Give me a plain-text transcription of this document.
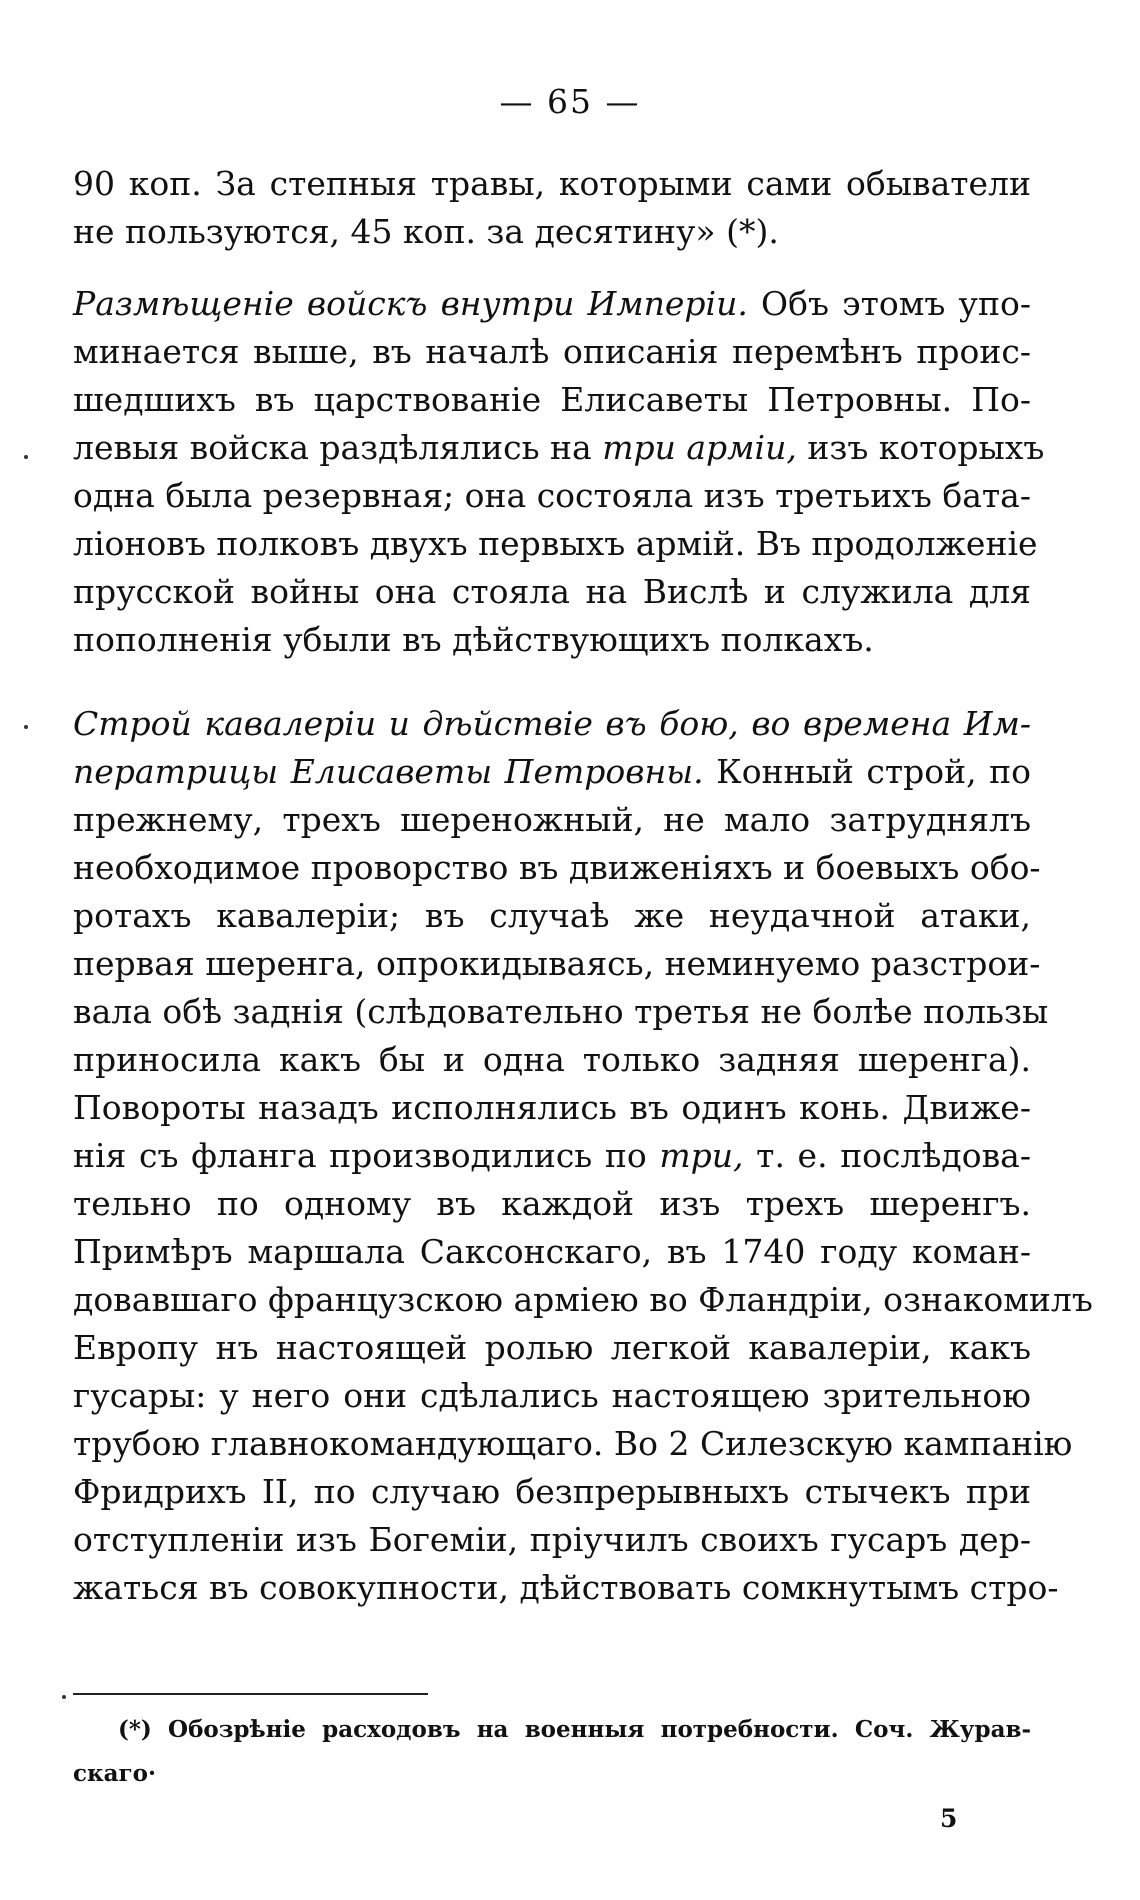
— 65 —
90 коп. За степныя травы, которыми сами обыватели
не пользуются, 45 коп. за десятину» (*).
Размѣщеніе войскъ внутри Имперіи. Объ этомъ упо-
минается выше, въ началѣ описанія перемѣнъ проис-
шедшихъ въ царствованіе Елисаветы Петровны. По-
левыя войска раздѣлялись на три арміи, изъ которыхъ
одна была резервная; она состояла изъ третьихъ бата-
ліоновъ полковъ двухъ первыхъ армій. Въ продолженіе
прусской войны она стояла на Вислѣ и служила для
пополненія убыли въ дѣйствующихъ полкахъ.
Строй кавалеріи и дѣйствіе въ бою, во времена Им-
ператрицы Елисаветы Петровны. Конный строй, по
прежнему, трехъ шереножный, не мало затруднялъ
необходимое проворство въ движеніяхъ и боевыхъ обо-
ротахъ кавалеріи; въ случаѣ же неудачной атаки,
первая шеренга, опрокидываясь, неминуемо разстрои-
вала обѣ заднія (слѣдовательно третья не болѣе пользы
приносила какъ бы и одна только задняя шеренга).
Повороты назадъ исполнялись въ одинъ конь. Движе-
нія съ фланга производились по три, т. е. послѣдова-
тельно по одному въ каждой изъ трехъ шеренгъ.
Примѣръ маршала Саксонскаго, въ 1740 году коман-
довавшаго французскою арміею во Фландріи, ознакомилъ
Европу нъ настоящей ролью легкой кавалеріи, какъ
гусары: у него они сдѣлались настоящею зрительною
трубою главнокомандующаго. Во 2 Силезскую кампанію
Фридрихъ II, по случаю безпрерывныхъ стычекъ при
отступленіи изъ Богеміи, пріучилъ своихъ гусаръ дер-
жаться въ совокупности, дѣйствовать сомкнутымъ стро-
(*) Обозрѣніе расходовъ на военныя потребности. Соч. Журав-
скаго·
5
